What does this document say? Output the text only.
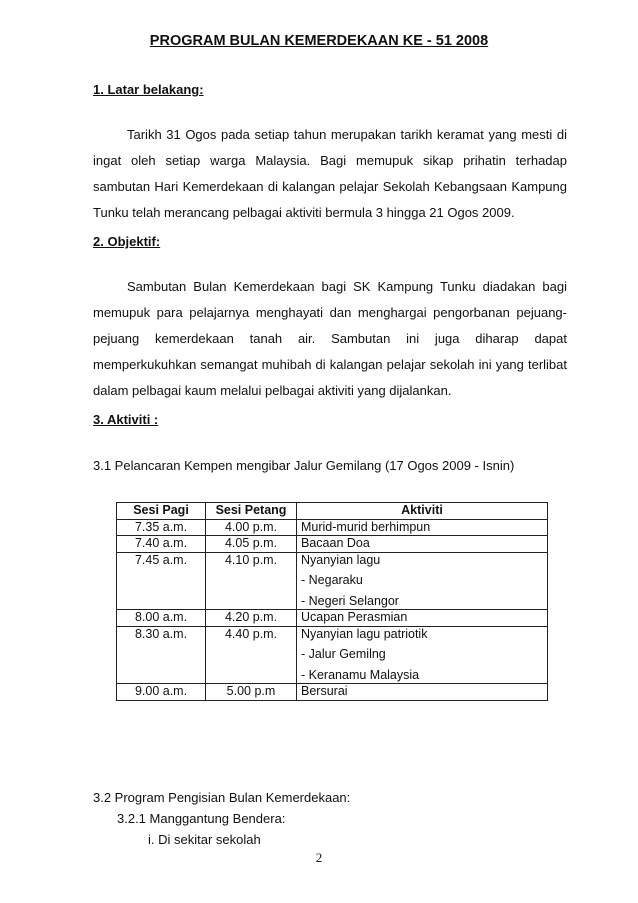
PROGRAM BULAN KEMERDEKAAN KE - 51 2008
1. Latar belakang:
Tarikh 31 Ogos pada setiap tahun merupakan tarikh keramat yang mesti di ingat oleh setiap warga Malaysia. Bagi memupuk sikap prihatin terhadap sambutan Hari Kemerdekaan di kalangan pelajar Sekolah Kebangsaan Kampung Tunku telah merancang pelbagai aktiviti bermula 3 hingga 21 Ogos 2009.
2. Objektif:
Sambutan Bulan Kemerdekaan bagi SK Kampung Tunku diadakan bagi memupuk para pelajarnya menghayati dan menghargai pengorbanan pejuang-pejuang kemerdekaan tanah air. Sambutan ini juga diharap dapat memperkukuhkan semangat muhibah di kalangan pelajar sekolah ini yang terlibat dalam pelbagai kaum melalui pelbagai aktiviti yang dijalankan.
3. Aktiviti :
3.1 Pelancaran Kempen mengibar Jalur Gemilang (17 Ogos 2009 - Isnin)
Sesi Pagi	Sesi Petang	Aktiviti
7.35 a.m.	4.00 p.m.	Murid-murid berhimpun
7.40 a.m.	4.05 p.m.	Bacaan Doa
7.45 a.m.	4.10 p.m.	Nyanyian lagu
- Negaraku
- Negeri Selangor

8.00 a.m.	4.20 p.m.	Ucapan Perasmian
8.30 a.m.	4.40 p.m.	Nyanyian lagu patriotik
- Jalur Gemilng
- Keranamu Malaysia

9.00 a.m.	5.00 p.m	Bersurai
3.2 Program Pengisian Bulan Kemerdekaan:
3.2.1 Manggantung Bendera:
i. Di sekitar sekolah
2
